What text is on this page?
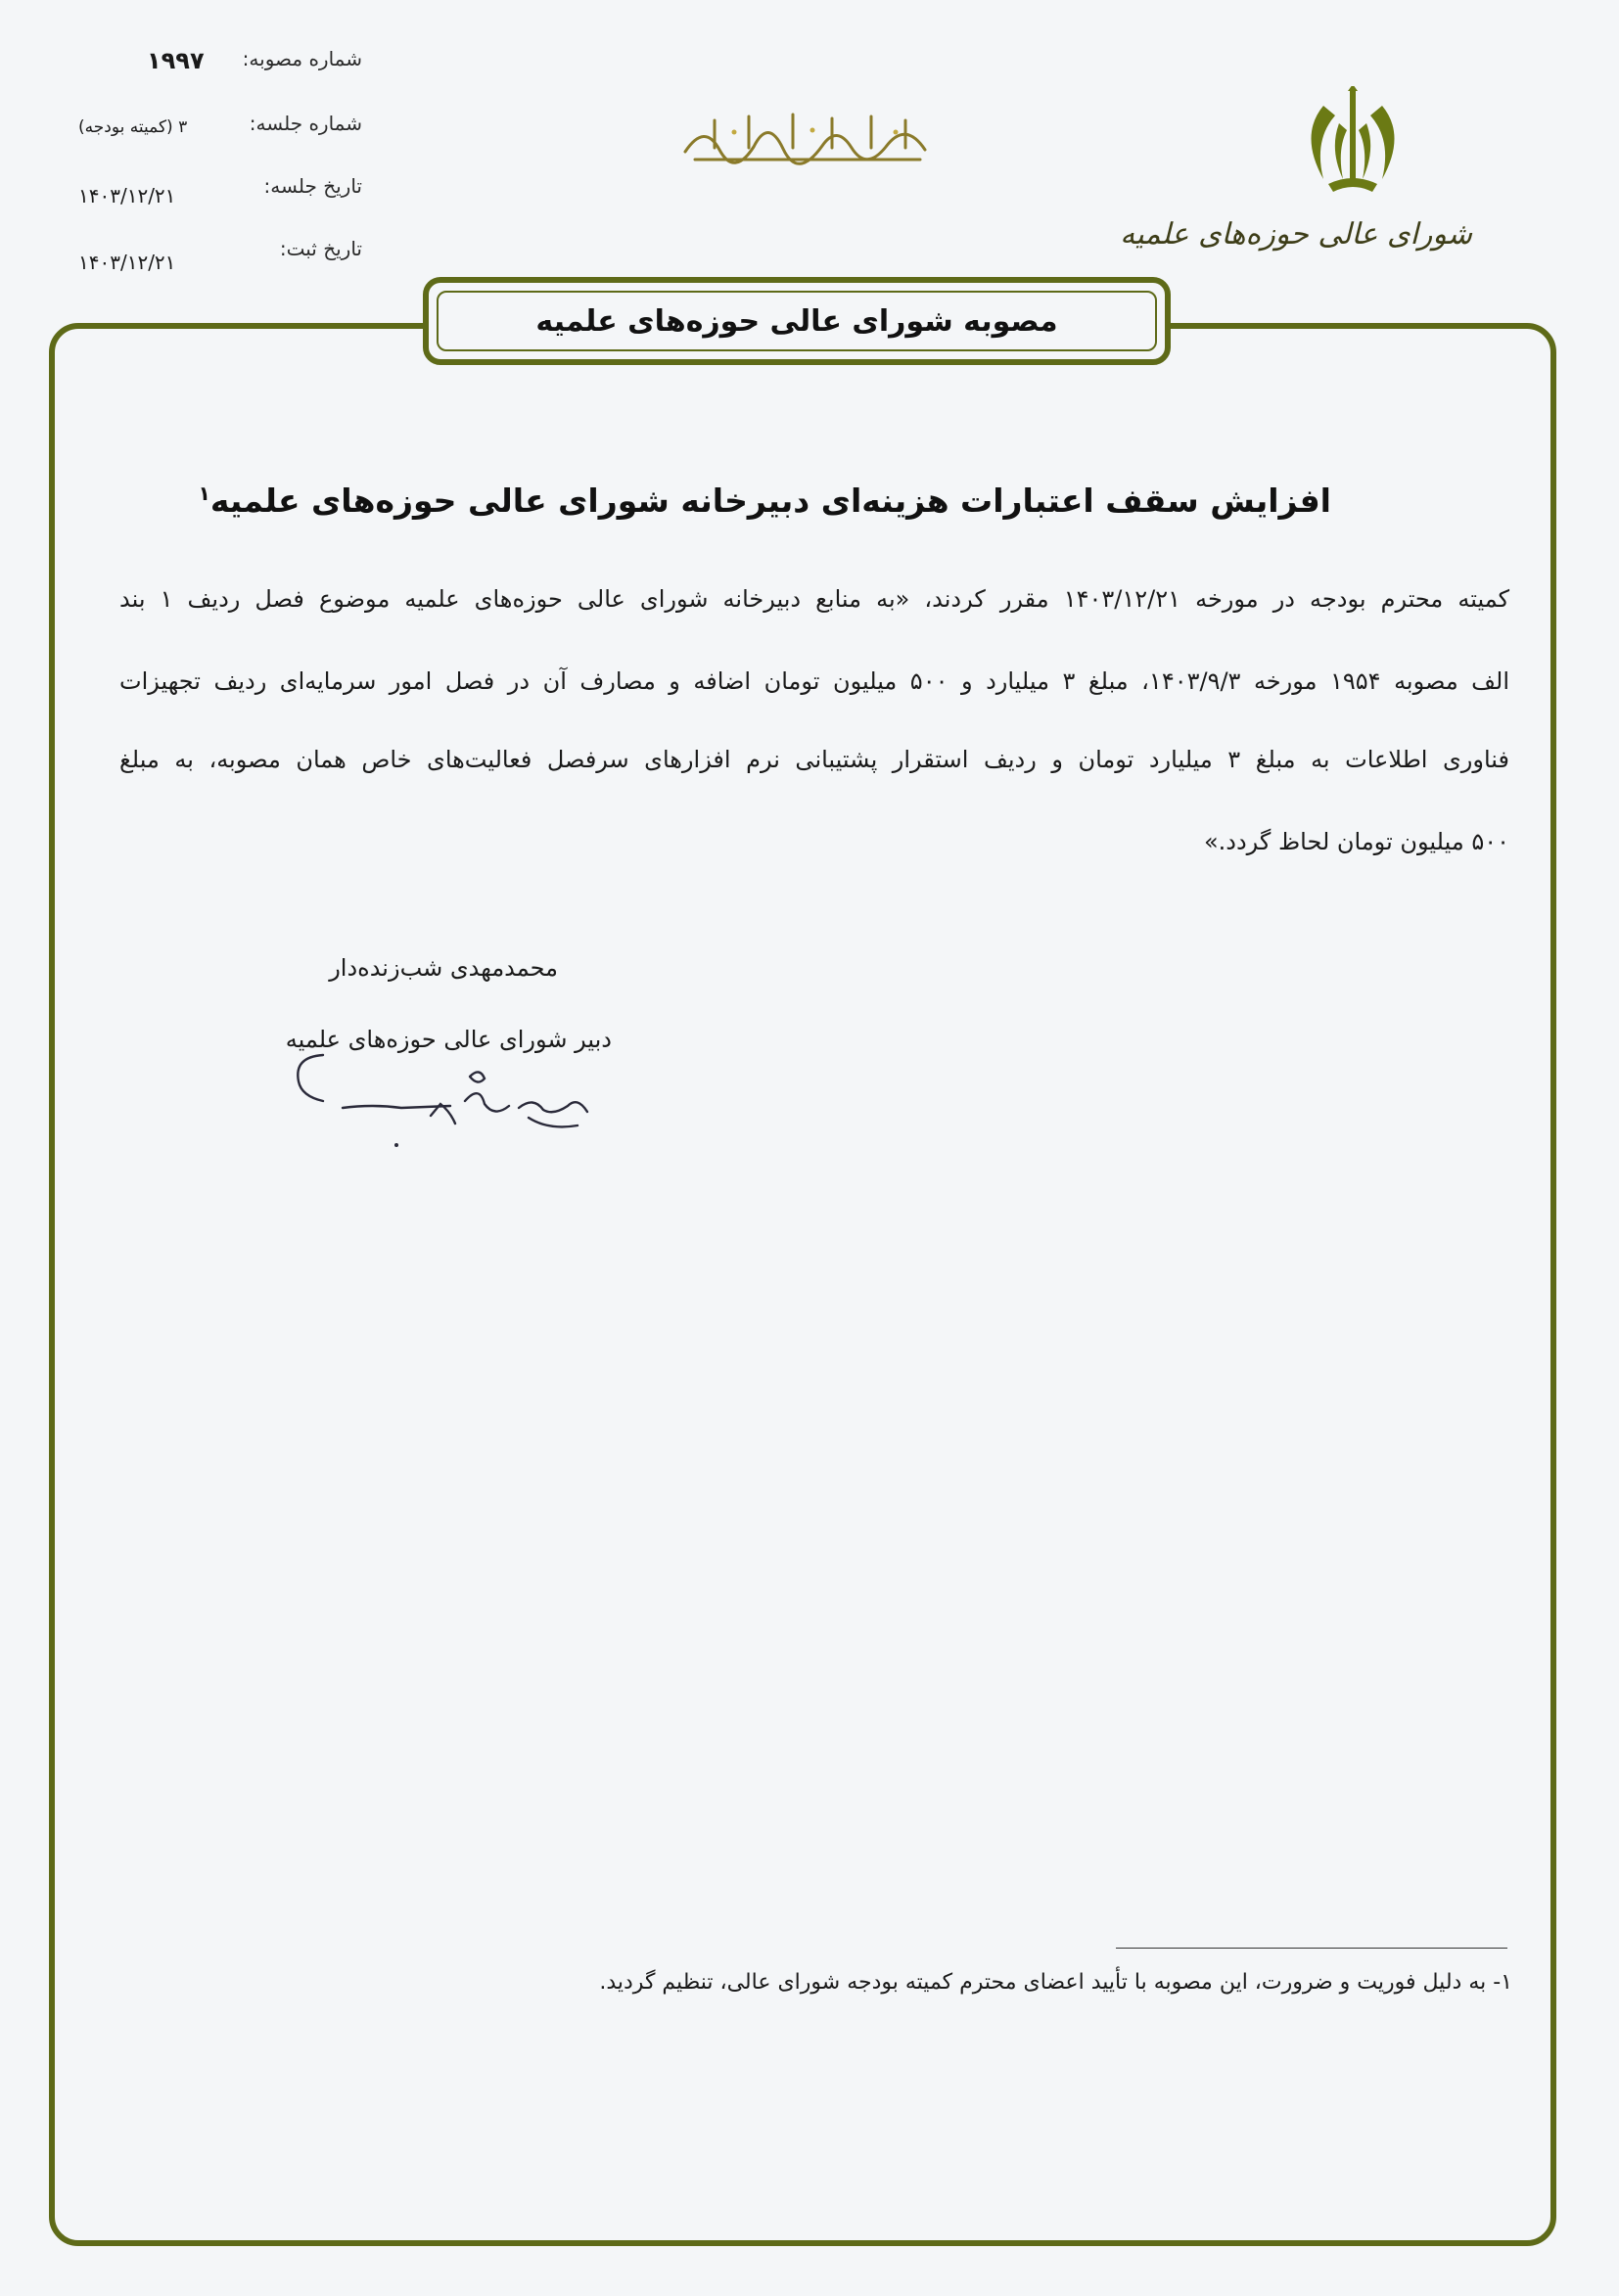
شماره مصوبه:
۱۹۹۷
شماره جلسه:
۳ (کمیته بودجه)
تاریخ جلسه:
۱۴۰۳/۱۲/۲۱
تاریخ ثبت:
۱۴۰۳/۱۲/۲۱
شورای عالی حوزه‌های علمیه
مصوبه شورای عالی حوزه‌های علمیه
افزایش سقف اعتبارات هزینه‌ای دبیرخانه شورای عالی حوزه‌های علمیه$^۱$
کمیته محترم بودجه در مورخه ۱۴۰۳/۱۲/۲۱ مقرر کردند، «به منابع دبیرخانه شورای عالی حوزه‌های علمیه موضوع فصل ردیف ۱ بند
الف مصوبه ۱۹۵۴ مورخه ۱۴۰۳/۹/۳، مبلغ ۳ میلیارد و ۵۰۰ میلیون تومان اضافه و مصارف آن در فصل امور سرمایه‌ای ردیف تجهیزات
فناوری اطلاعات به مبلغ ۳ میلیارد تومان و ردیف استقرار پشتیبانی نرم افزارهای سرفصل فعالیت‌های خاص همان مصوبه، به مبلغ
۵۰۰ میلیون تومان لحاظ گردد.»
محمدمهدی شب‌زنده‌دار
دبیر شورای عالی حوزه‌های علمیه
۱- به دلیل فوریت و ضرورت، این مصوبه با تأیید اعضای محترم کمیته بودجه شورای عالی، تنظیم گردید.
